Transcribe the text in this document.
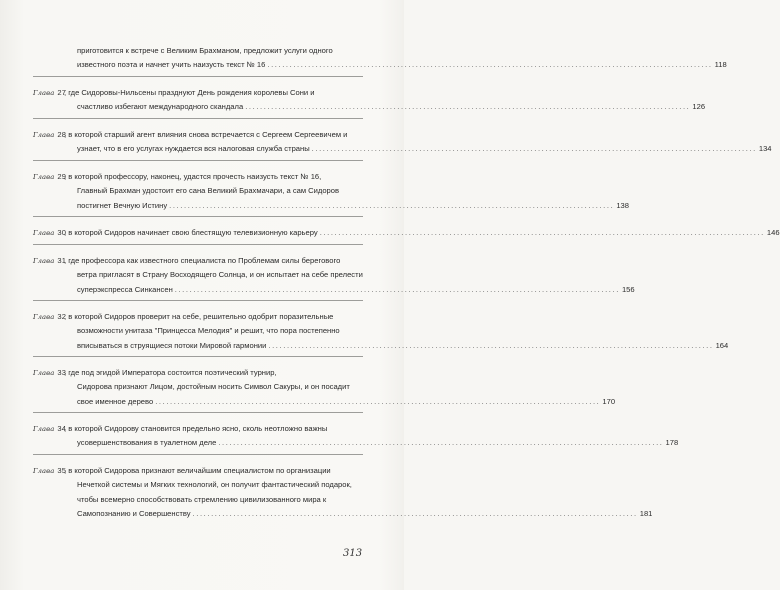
приготовится к встрече с Великим Брахманом, предложит услуги одного
известного поэта и начнет учить наизусть текст № 16 ........................................................................................................................ 118
Глава 27
, где Сидоровы-Нильсены празднуют День рождения королевы Сони и
счастливо избегают международного скандала ........................................................................................................................ 126
Глава 28
, в которой старший агент влияния снова встречается с Сергеем Сергеевичем и
узнает, что в его услугах нуждается вся налоговая служба страны ........................................................................................................................ 134
Глава 29
, в которой профессору, наконец, удастся прочесть наизусть текст № 16,
Главный Брахман удостоит его сана Великий Брахмачари, а сам Сидоров
постигнет Вечную Истину ........................................................................................................................ 138
Глава 30
, в которой Сидоров начинает свою блестящую телевизионную карьеру ........................................................................................................................ 146
Глава 31
, где профессора как известного специалиста по Проблемам силы берегового
ветра приглаcят в Страну Восходящего Солнца, и он испытает на себе прелести
суперэкспресса Синкансен ........................................................................................................................ 156
Глава 32
, в которой Сидоров проверит на себе, решительно одобрит поразительные
возможности унитаза "Принцесса Мелодия" и решит, что пора постепенно
вписываться в струящиеся потоки Мировой гармонии ........................................................................................................................ 164
Глава 33
, где под эгидой Императора состоится поэтический турнир,
Сидорова признают Лицом, достойным носить Символ Сакуры, и он посадит
свое именное дерево ........................................................................................................................ 170
Глава 34
, в которой Сидорову становится предельно ясно, сколь неотложно важны
усовершенствования в туалетном деле ........................................................................................................................ 178
Глава 35
, в которой Сидорова признают величайшим специалистом по организации
Нечеткой системы и Мягких технологий, он получит фантастический подарок,
чтобы всемерно способствовать стремлению цивилизованного мира к
Самопознанию и Совершенству ........................................................................................................................ 181
313
